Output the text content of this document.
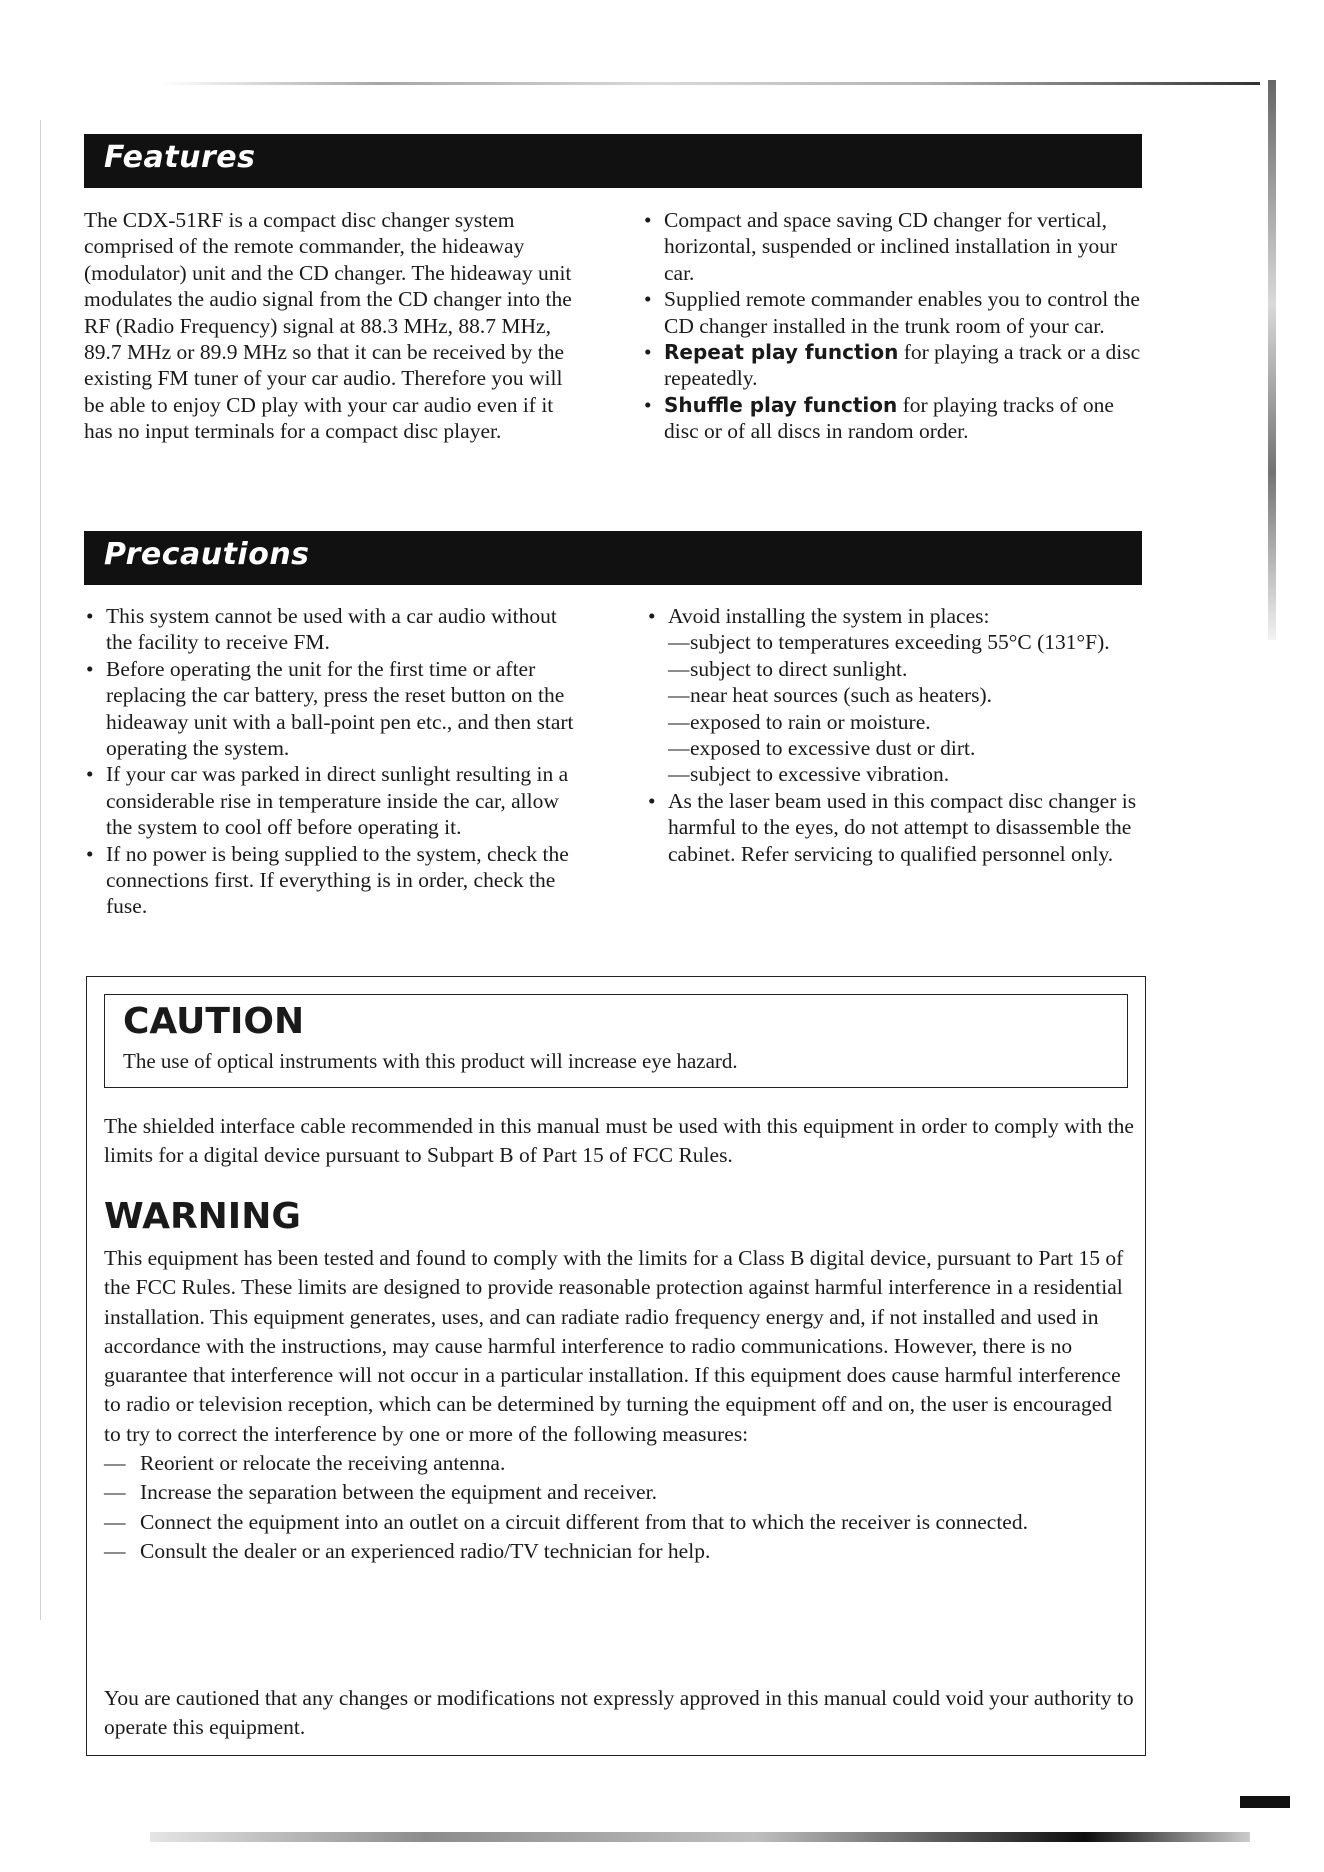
Features

The CDX-51RF is a compact disc changer system comprised of the remote commander, the hideaway (modulator) unit and the CD changer. The hideaway unit modulates the audio signal from the CD changer into the RF (Radio Frequency) signal at 88.3 MHz, 88.7 MHz, 89.7 MHz or 89.9 MHz so that it can be received by the existing FM tuner of your car audio. Therefore you will be able to enjoy CD play with your car audio even if it has no input terminals for a compact disc player.

• Compact and space saving CD changer for vertical, horizontal, suspended or inclined installation in your car.
• Supplied remote commander enables you to control the CD changer installed in the trunk room of your car.
• Repeat play function for playing a track or a disc repeatedly.
• Shuffle play function for playing tracks of one disc or of all discs in random order.
Precautions
• This system cannot be used with a car audio without the facility to receive FM.
• Before operating the unit for the first time or after replacing the car battery, press the reset button on the hideaway unit with a ball-point pen etc., and then start operating the system.
• If your car was parked in direct sunlight resulting in a considerable rise in temperature inside the car, allow the system to cool off before operating it.
• If no power is being supplied to the system, check the connections first. If everything is in order, check the fuse.
• Avoid installing the system in places:
— subject to temperatures exceeding 55°C (131°F).
— subject to direct sunlight.
— near heat sources (such as heaters).
— exposed to rain or moisture.
— exposed to excessive dust or dirt.
— subject to excessive vibration.
• As the laser beam used in this compact disc changer is harmful to the eyes, do not attempt to disassemble the cabinet. Refer servicing to qualified personnel only.
CAUTION
The use of optical instruments with this product will increase eye hazard.

The shielded interface cable recommended in this manual must be used with this equipment in order to comply with the limits for a digital device pursuant to Subpart B of Part 15 of FCC Rules.

WARNING

This equipment has been tested and found to comply with the limits for a Class B digital device, pursuant to Part 15 of the FCC Rules. These limits are designed to provide reasonable protection against harmful interference in a residential installation. This equipment generates, uses, and can radiate radio frequency energy and, if not installed and used in accordance with the instructions, may cause harmful interference to radio communications. However, there is no guarantee that interference will not occur in a particular installation. If this equipment does cause harmful interference to radio or television reception, which can be determined by turning the equipment off and on, the user is encouraged to try to correct the interference by one or more of the following measures:

— Reorient or relocate the receiving antenna.
— Increase the separation between the equipment and receiver.
— Connect the equipment into an outlet on a circuit different from that to which the receiver is connected.
— Consult the dealer or an experienced radio/TV technician for help.

You are cautioned that any changes or modifications not expressly approved in this manual could void your authority to operate this equipment.
